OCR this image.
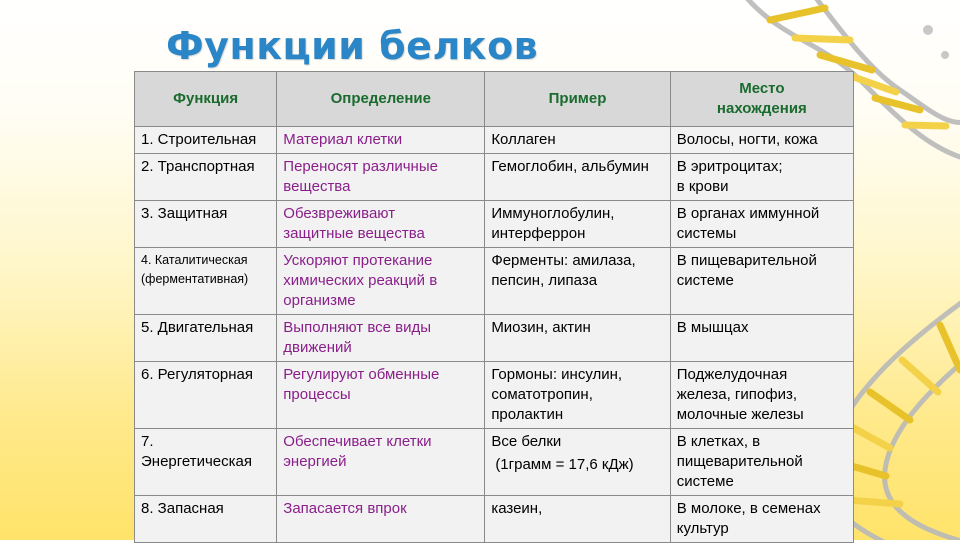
Функции белков
Функция	Определение	Пример	Место
нахождения

1. Строительная	Материал клетки	Коллаген	Волосы, ногти, кожа

2. Транспортная	Переносят различные
вещества	Гемоглобин, альбумин	В эритроцитах;
в крови

3. Защитная	Обезвреживают
защитные вещества	Иммуноглобулин,
интерферрон	В органах иммунной
системы

4. Каталитическая
(ферментативная)	Ускоряют протекание
химических реакций в
организме	Ферменты: амилаза,
пепсин, липаза	В пищеварительной
системе

5. Двигательная	Выполняют все виды
движений	Миозин, актин	В мышцах

6. Регуляторная	Регулируют обменные
процессы	Гормоны: инсулин,
соматотропин,
пролактин	Поджелудочная
железа, гипофиз,
молочные железы

7.
Энергетическая	Обеспечивает клетки
энергией	Все белки
(1грамм = 17,6 кДж)	В клетках, в
пищеварительной
системе

8. Запасная	Запасается впрок	казеин,	В молоке, в семенах
культур
